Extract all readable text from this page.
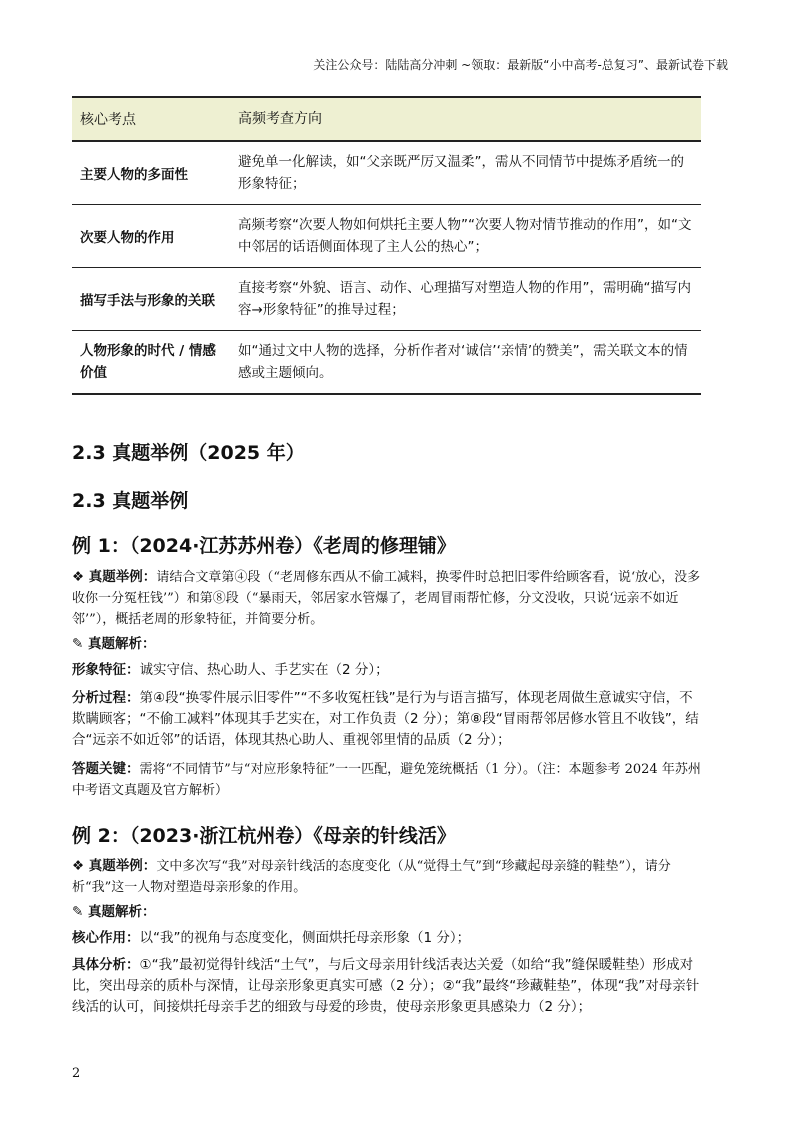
关注公众号：陆陆高分冲刺 ~领取：最新版“小中高考-总复习”、最新试卷下载
核心考点	高频考查方向
主要人物的多面性
避免单一化解读，如“父亲既严厉又温柔”，需从不同情节中提炼矛盾统一的形象特征；
次要人物的作用
高频考察“次要人物如何烘托主要人物”“次要人物对情节推动的作用”，如“文中邻居的话语侧面体现了主人公的热心”；
描写手法与形象的关联
直接考察“外貌、语言、动作、心理描写对塑造人物的作用”，需明确“描写内容→形象特征”的推导过程；
人物形象的时代 / 情感价值
如“通过文中人物的选择，分析作者对‘诚信’‘亲情’的赞美”，需关联文本的情感或主题倾向。
2.3 真题举例（2025 年）
2.3 真题举例
例 1：（2024·江苏苏州卷）《老周的修理铺》
❖ 真题举例：请结合文章第④段（“老周修东西从不偷工减料，换零件时总把旧零件给顾客看，说‘放心，没多收你一分冤枉钱’”）和第⑧段（“暴雨天，邻居家水管爆了，老周冒雨帮忙修，分文没收，只说‘远亲不如近邻’”），概括老周的形象特征，并简要分析。
✎ 真题解析：
形象特征：诚实守信、热心助人、手艺实在（2 分）；
分析过程：第④段“换零件展示旧零件”“不多收冤枉钱”是行为与语言描写，体现老周做生意诚实守信，不欺瞒顾客；“不偷工减料”体现其手艺实在，对工作负责（2 分）；第⑧段“冒雨帮邻居修水管且不收钱”，结合“远亲不如近邻”的话语，体现其热心助人、重视邻里情的品质（2 分）；
答题关键：需将“不同情节”与“对应形象特征”一一匹配，避免笼统概括（1 分）。（注：本题参考 2024 年苏州中考语文真题及官方解析）
例 2：（2023·浙江杭州卷）《母亲的针线活》
❖ 真题举例：文中多次写“我”对母亲针线活的态度变化（从“觉得土气”到“珍藏起母亲缝的鞋垫”），请分析“我”这一人物对塑造母亲形象的作用。
✎ 真题解析：
核心作用：以“我”的视角与态度变化，侧面烘托母亲形象（1 分）；
具体分析：①“我”最初觉得针线活“土气”，与后文母亲用针线活表达关爱（如给“我”缝保暖鞋垫）形成对比，突出母亲的质朴与深情，让母亲形象更真实可感（2 分）；②“我”最终“珍藏鞋垫”，体现“我”对母亲针线活的认可，间接烘托母亲手艺的细致与母爱的珍贵，使母亲形象更具感染力（2 分）；
2
